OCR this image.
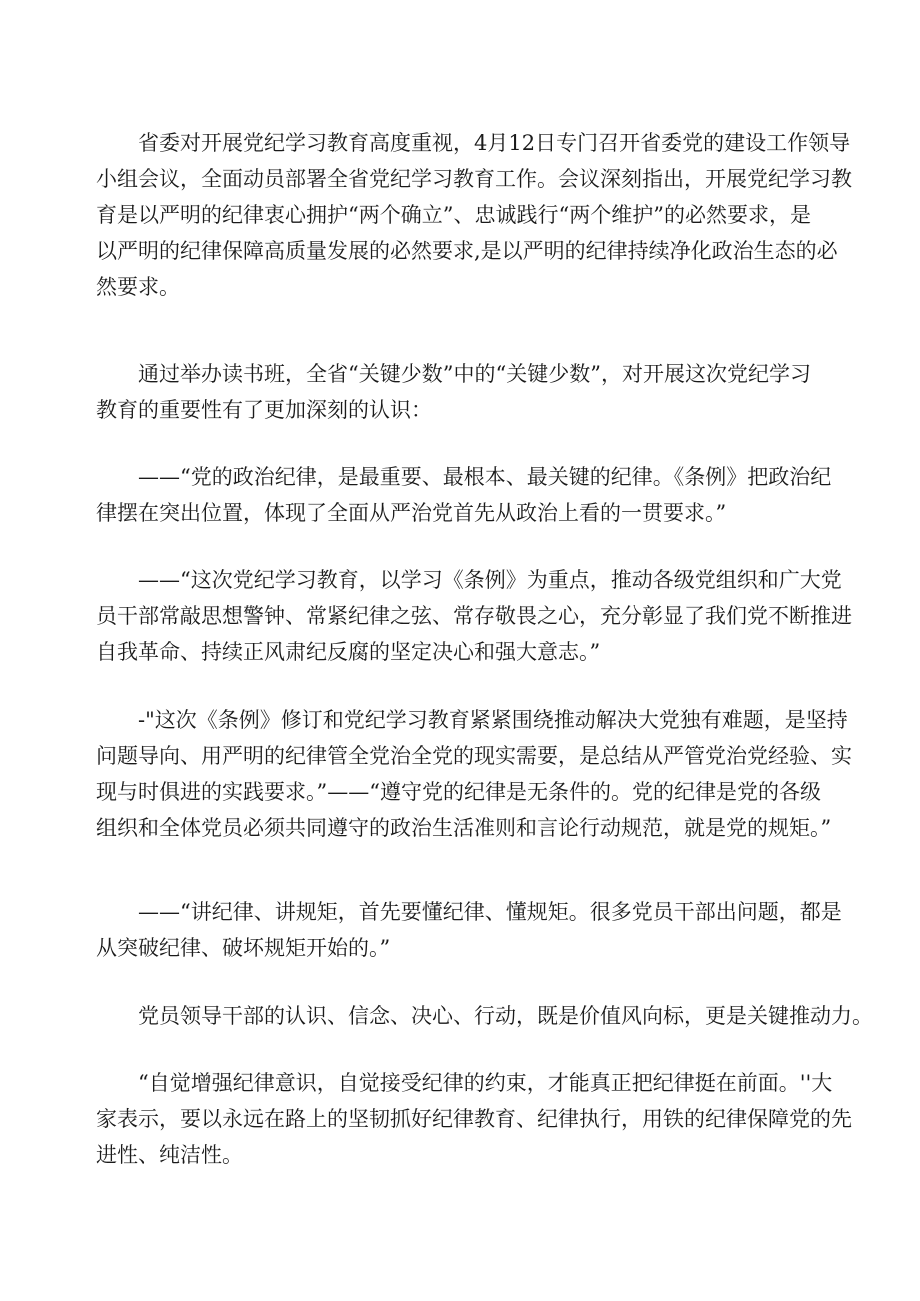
　　省委对开展党纪学习教育高度重视，4月12日专门召开省委党的建设工作领导
小组会议，全面动员部署全省党纪学习教育工作。会议深刻指出，开展党纪学习教
育是以严明的纪律衷心拥护“两个确立”、忠诚践行“两个维护”的必然要求，是
以严明的纪律保障高质量发展的必然要求,是以严明的纪律持续净化政治生态的必
然要求。
　　通过举办读书班，全省“关键少数”中的“关键少数”，对开展这次党纪学习
教育的重要性有了更加深刻的认识：
　　——“党的政治纪律，是最重要、最根本、最关键的纪律。《条例》把政治纪
律摆在突出位置，体现了全面从严治党首先从政治上看的一贯要求。”
　　——“这次党纪学习教育，以学习《条例》为重点，推动各级党组织和广大党
员干部常敲思想警钟、常紧纪律之弦、常存敬畏之心，充分彰显了我们党不断推进
自我革命、持续正风肃纪反腐的坚定决心和强大意志。”
　　-"这次《条例》修订和党纪学习教育紧紧围绕推动解决大党独有难题，是坚持
问题导向、用严明的纪律管全党治全党的现实需要，是总结从严管党治党经验、实
现与时俱进的实践要求。”——“遵守党的纪律是无条件的。党的纪律是党的各级
组织和全体党员必须共同遵守的政治生活准则和言论行动规范，就是党的规矩。”
　　——“讲纪律、讲规矩，首先要懂纪律、懂规矩。很多党员干部出问题，都是
从突破纪律、破坏规矩开始的。”
　　党员领导干部的认识、信念、决心、行动，既是价值风向标，更是关键推动力。
　　“自觉增强纪律意识，自觉接受纪律的约束，才能真正把纪律挺在前面。''大
家表示，要以永远在路上的坚韧抓好纪律教育、纪律执行，用铁的纪律保障党的先
进性、纯洁性。
